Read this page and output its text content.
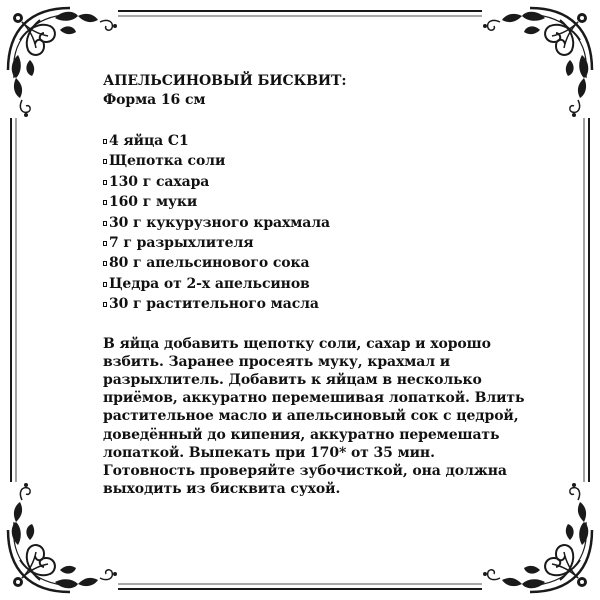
АПЕЛЬСИНОВЫЙ БИСКВИТ:

Форма 16 см

4 яйца С1
Щепотка соли
130 г сахара
160 г муки
30 г кукурузного крахмала
7 г разрыхлителя
80 г апельсинового сока
Цедра от 2-х апельсинов
30 г растительного масла

В яйца добавить щепотку соли, сахар и хорошо взбить. Заранее просеять муку, крахмал и разрыхлитель. Добавить к яйцам в несколько приёмов, аккуратно перемешивая лопаткой. Влить растительное масло и апельсиновый сок с цедрой, доведённый до кипения, аккуратно перемешать лопаткой. Выпекать при 170* от 35 мин. Готовность проверяйте зубочисткой, она должна выходить из бисквита сухой.
